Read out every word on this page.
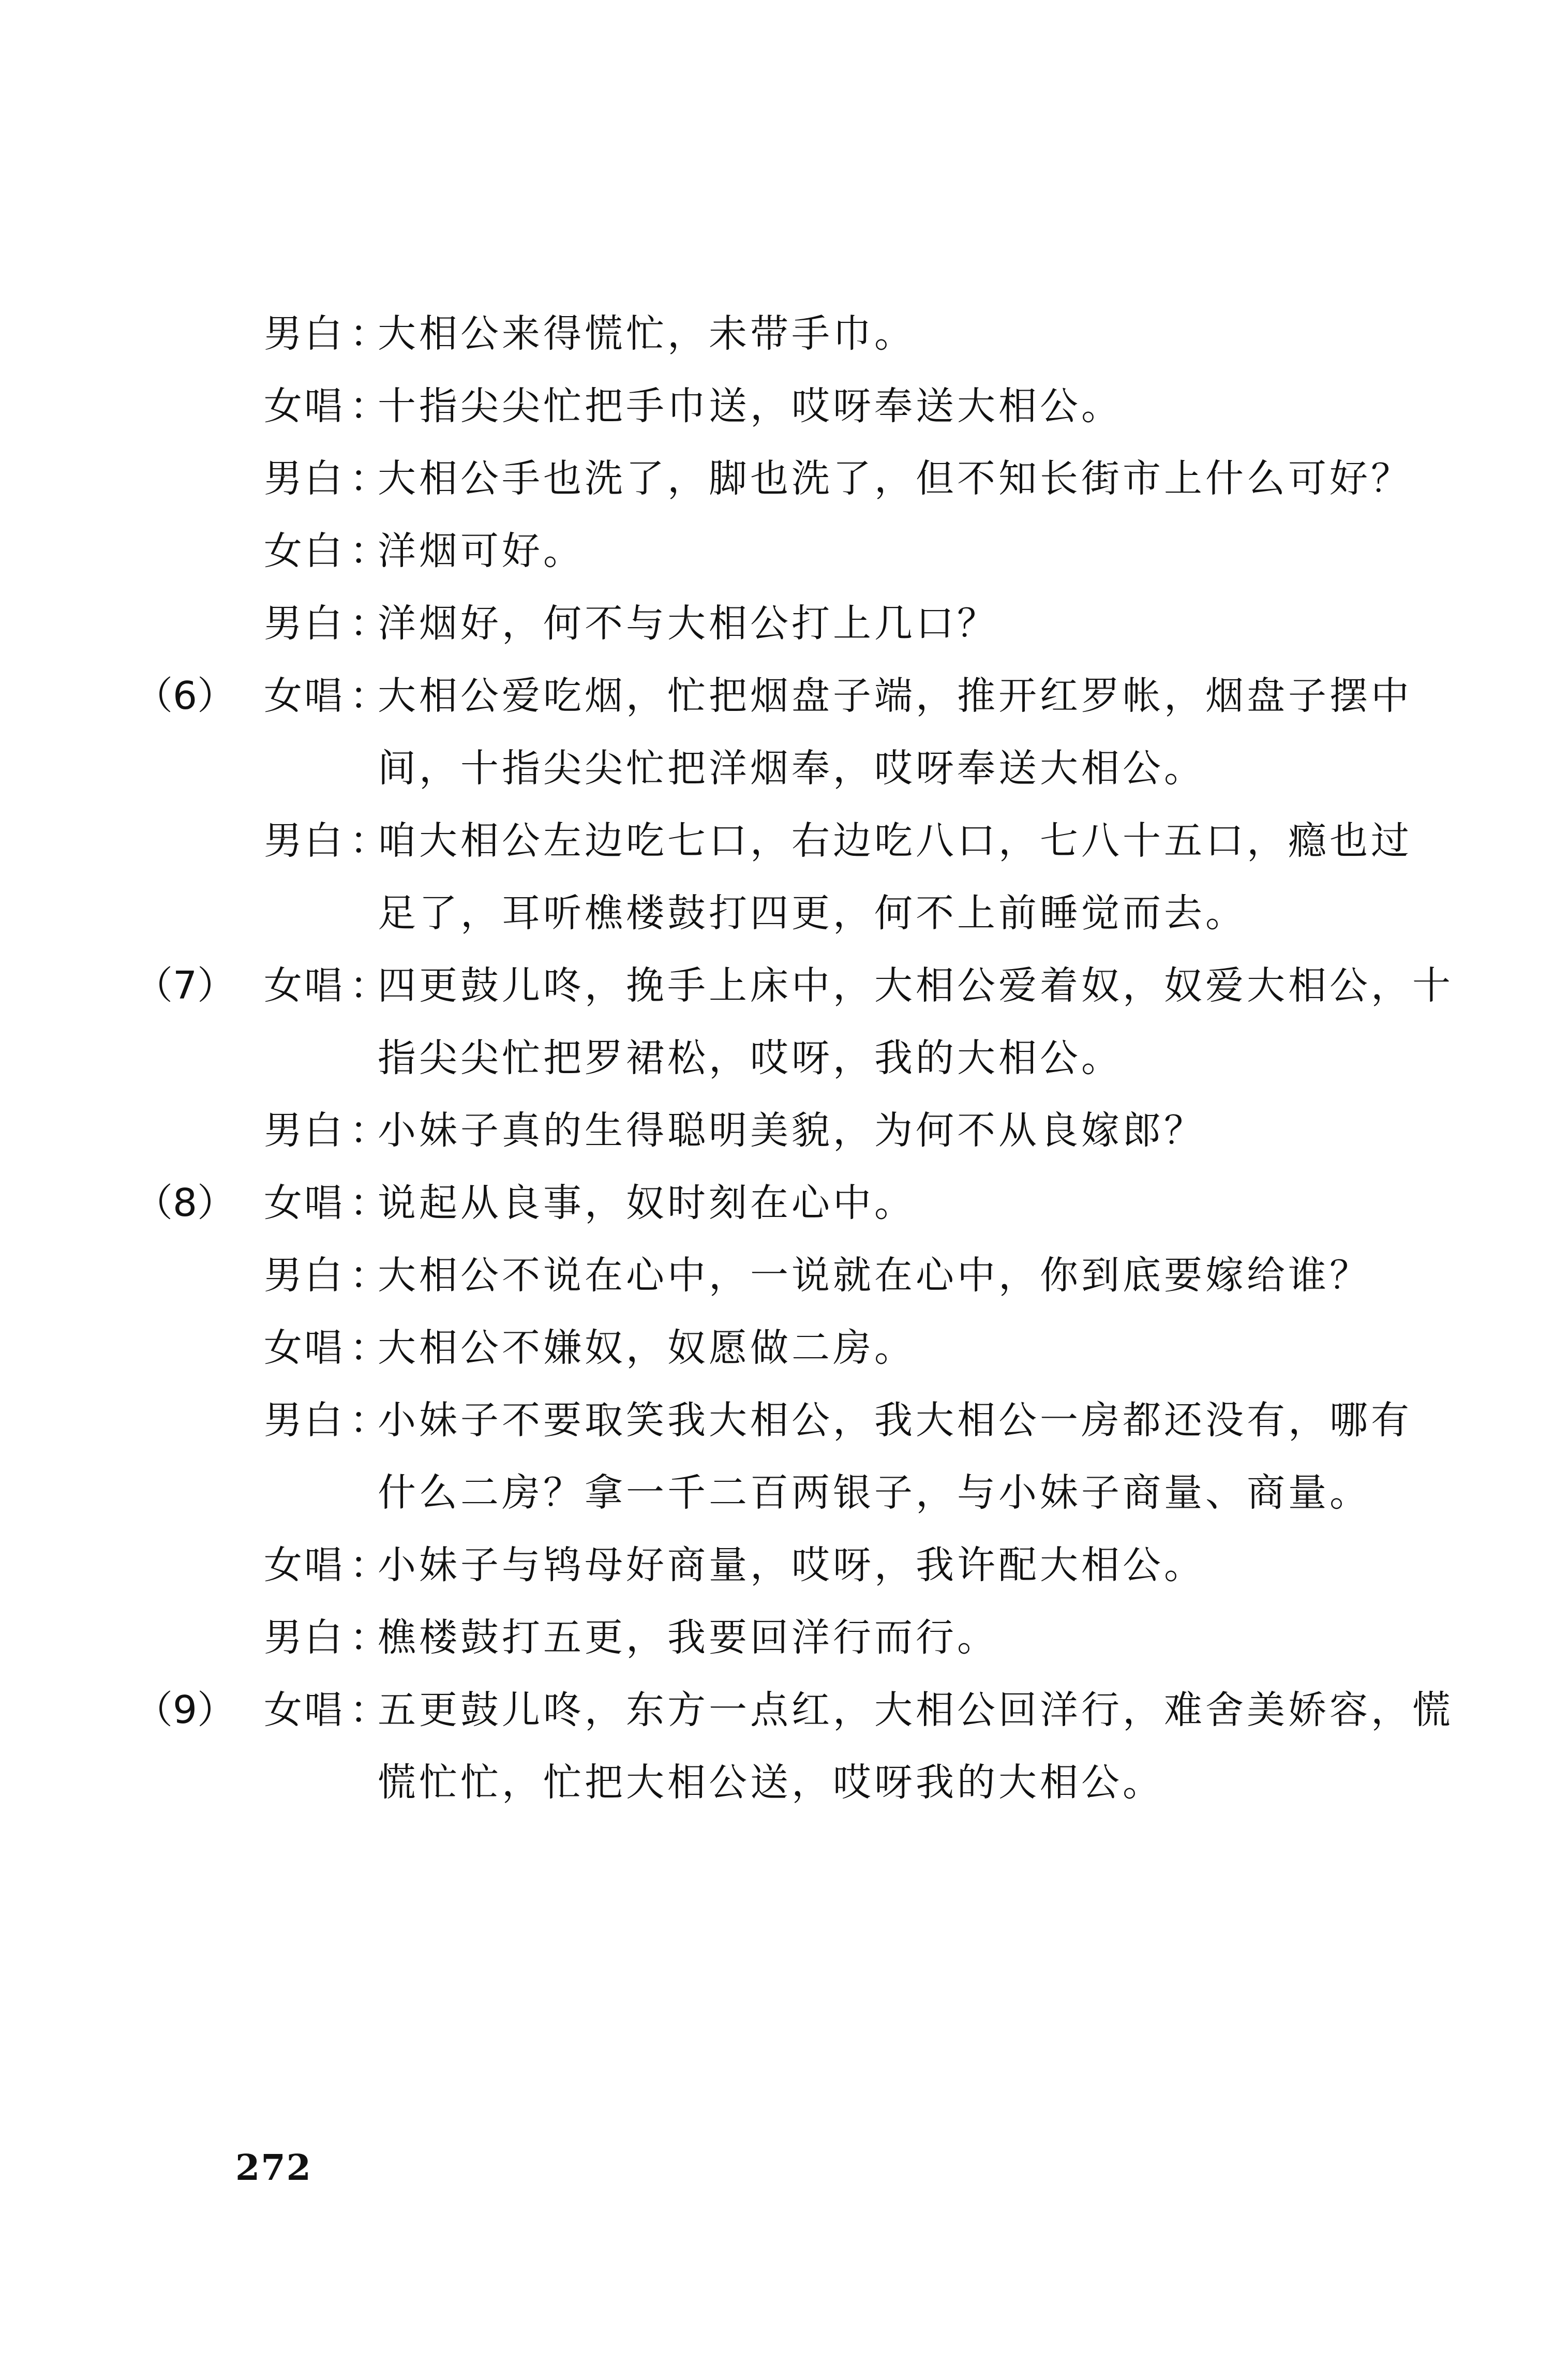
男白 ：
大相公来得慌忙，未带手巾。
女唱 ：
十指尖尖忙把手巾送，哎呀奉送大相公。
男白 ：
大相公手也洗了，脚也洗了，但不知长街市上什么可好？
女白 ：
洋烟可好。
男白 ：
洋烟好，何不与大相公打上几口？
（6） 女唱 ：
大相公爱吃烟，忙把烟盘子端，推开红罗帐，烟盘子摆中
间，十指尖尖忙把洋烟奉，哎呀奉送大相公。
男白 ：
咱大相公左边吃七口，右边吃八口，七八十五口，瘾也过
足了，耳听樵楼鼓打四更，何不上前睡觉而去。
（7） 女唱 ：
四更鼓儿咚，挽手上床中，大相公爱着奴，奴爱大相公，十
指尖尖忙把罗裙松，哎呀，我的大相公。
男白 ：
小妹子真的生得聪明美貌，为何不从良嫁郎？
（8） 女唱 ：
说起从良事，奴时刻在心中。
男白 ：
大相公不说在心中，一说就在心中，你到底要嫁给谁？
女唱 ：
大相公不嫌奴，奴愿做二房。
男白 ：
小妹子不要取笑我大相公，我大相公一房都还没有，哪有
什么二房？拿一千二百两银子，与小妹子商量、商量。
女唱 ：
小妹子与鸨母好商量，哎呀，我许配大相公。
男白 ：
樵楼鼓打五更，我要回洋行而行。
（9） 女唱 ：
五更鼓儿咚，东方一点红，大相公回洋行，难舍美娇容，慌
慌忙忙，忙把大相公送，哎呀我的大相公。
272
